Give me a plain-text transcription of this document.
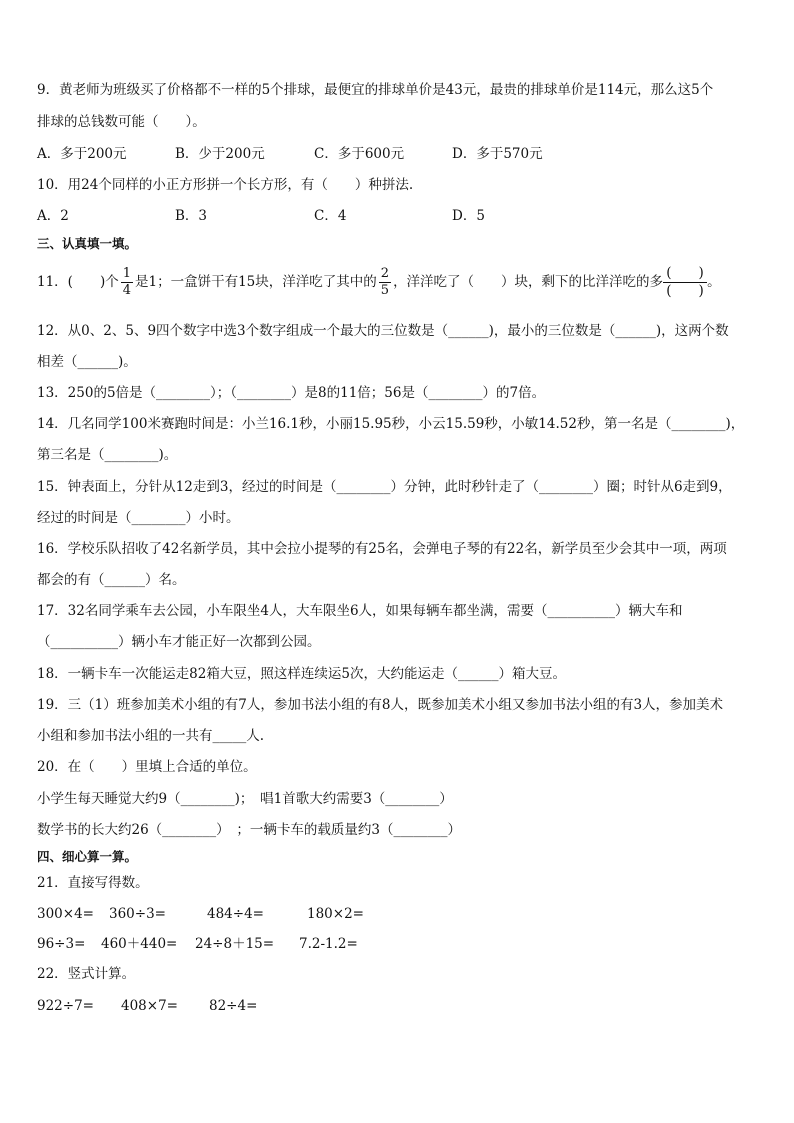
9．黄老师为班级买了价格都不一样的5个排球，最便宜的排球单价是43元，最贵的排球单价是114元，那么这5个
排球的总钱数可能（　　）。
A．多于200元	B．少于200元	C．多于600元	D．多于570元
10．用24个同样的小正方形拼一个长方形，有（　　）种拼法.
A．2	B．3	C．4	D．5
三、认真填一填。
11．(　　)个 $\frac{1}{4}$ 是1；一盒饼干有15块，洋洋吃了其中的 $\frac{2}{5}$ ，洋洋吃了（　　）块，剩下的比洋洋吃的多(　　)
(　　)。
12．从0、2、5、9四个数字中选3个数字组成一个最大的三位数是（______)，最小的三位数是（______)，这两个数
相差（______)。
13．250的5倍是（________）；（________）是8的11倍；56是（________）的7倍。
14．几名同学100米赛跑时间是：小兰16.1秒，小丽15.95秒，小云15.59秒，小敏14.52秒，第一名是（________)，
第三名是（________)。
15．钟表面上，分针从12走到3，经过的时间是（________）分钟，此时秒针走了（________）圈；时针从6走到9，
经过的时间是（________）小时。
16．学校乐队招收了42名新学员，其中会拉小提琴的有25名，会弹电子琴的有22名，新学员至少会其中一项，两项
都会的有（______）名。
17．32名同学乘车去公园，小车限坐4人，大车限坐6人，如果每辆车都坐满，需要（__________）辆大车和
（__________）辆小车才能正好一次都到公园。
18．一辆卡车一次能运走82箱大豆，照这样连续运5次，大约能运走（______）箱大豆。
19．三（1）班参加美术小组的有7人，参加书法小组的有8人，既参加美术小组又参加书法小组的有3人，参加美术
小组和参加书法小组的一共有_____人.
20．在（　　）里填上合适的单位。
小学生每天睡觉大约9（________)；　唱1首歌大约需要3（________）
数学书的长大约26（________）　；一辆卡车的载质量约3（________）
四、细心算一算。
21．直接写得数。
300×4= 360÷3=	484÷4=	180×2=
96÷3= 460＋440= 24÷8＋15= 7.2-1.2=
22．竖式计算。
922÷7= 408×7= 82÷4=
